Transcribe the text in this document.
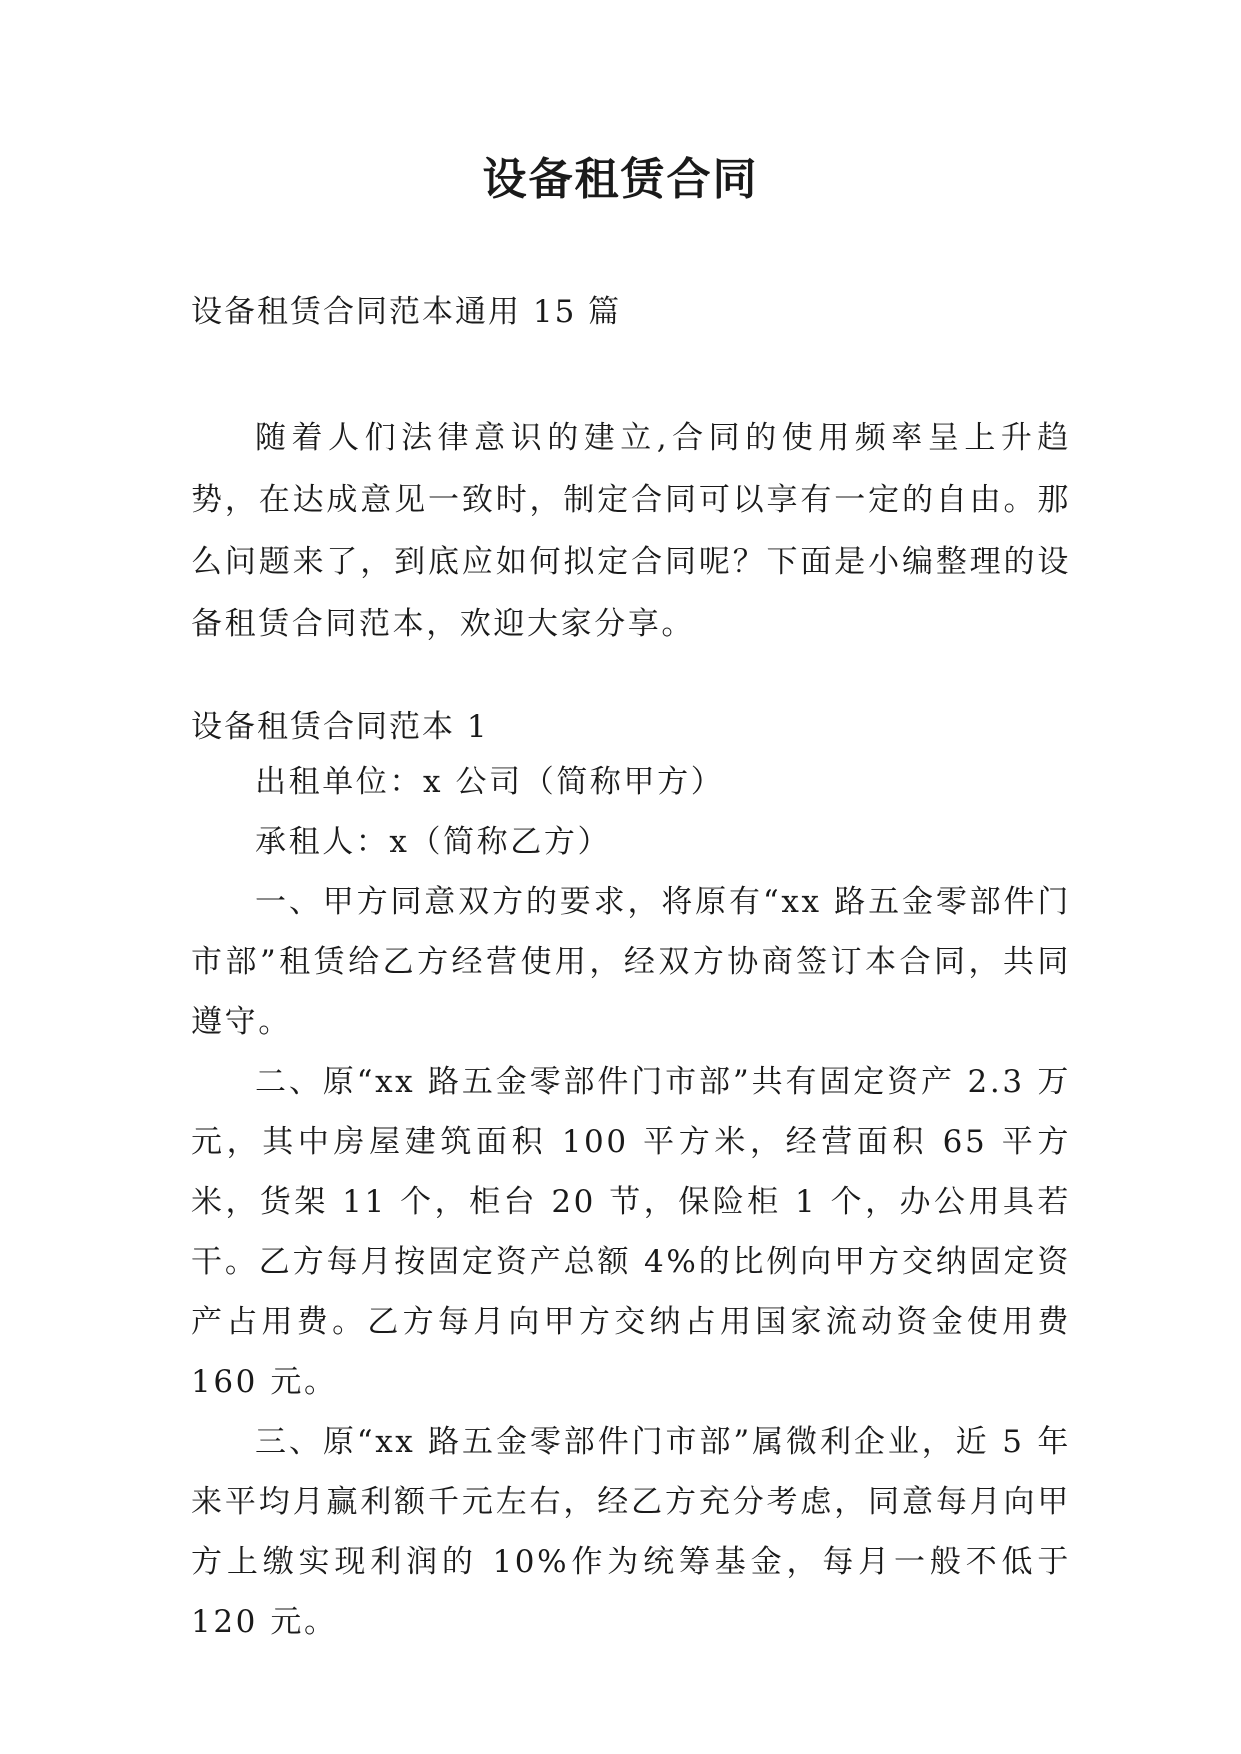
设备租赁合同

设备租赁合同范本通用 15 篇

随着人们法律意识的建立,合同的使用频率呈上升趋势，在达成意见一致时，制定合同可以享有一定的自由。那么问题来了，到底应如何拟定合同呢？下面是小编整理的设备租赁合同范本，欢迎大家分享。

设备租赁合同范本 1

出租单位：x 公司（简称甲方）

承租人：x（简称乙方）

一、甲方同意双方的要求，将原有“xx 路五金零部件门市部”租赁给乙方经营使用，经双方协商签订本合同，共同遵守。

二、原“xx 路五金零部件门市部”共有固定资产 2.3 万元，其中房屋建筑面积 100 平方米，经营面积 65 平方米，货架 11 个，柜台 20 节，保险柜 1 个，办公用具若干。乙方每月按固定资产总额 4%的比例向甲方交纳固定资产占用费。乙方每月向甲方交纳占用国家流动资金使用费 160 元。

三、原“xx 路五金零部件门市部”属微利企业，近 5 年来平均月赢利额千元左右，经乙方充分考虑，同意每月向甲方上缴实现利润的 10%作为统筹基金，每月一般不低于 120 元。
